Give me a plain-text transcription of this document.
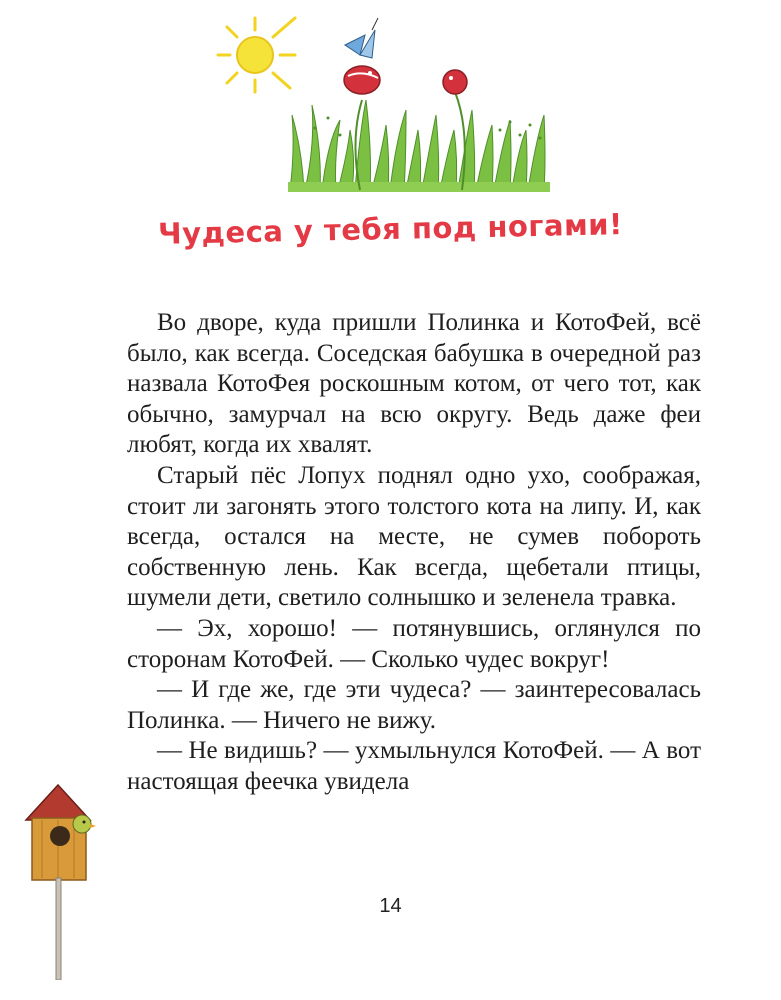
Чудеса у тебя под ногами!

Во дворе, куда пришли Полинка и КотоФей, всё было, как всегда. Соседская бабушка в очередной раз назвала КотоФея роскошным котом, от чего тот, как обычно, замурчал на всю округу. Ведь даже феи любят, когда их хвалят.

Старый пёс Лопух поднял одно ухо, соображая, стоит ли загонять этого толстого кота на липу. И, как всегда, остался на месте, не сумев побороть собственную лень. Как всегда, щебетали птицы, шумели дети, светило солнышко и зеленела травка.

— Эх, хорошо! — потянувшись, оглянулся по сторонам КотоФей. — Сколько чудес вокруг!

— И где же, где эти чудеса? — заинтересовалась Полинка. — Ничего не вижу.

— Не видишь? — ухмыльнулся КотоФей. — А вот настоящая феечка увидела

14
